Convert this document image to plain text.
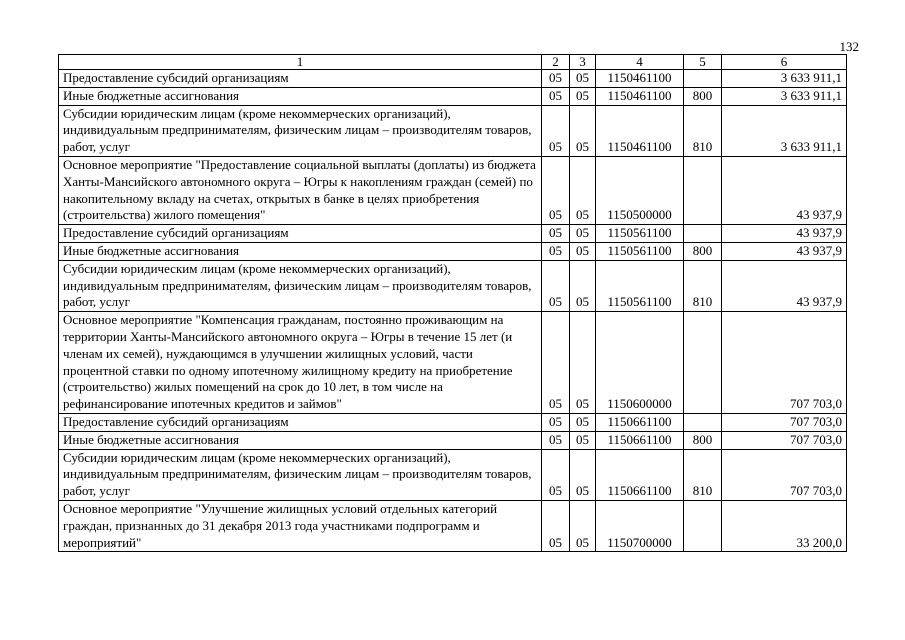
132
1	2	3	4	5	6
Предоставление субсидий организациям	05	05	1150461100		3 633 911,1
Иные бюджетные ассигнования	05	05	1150461100	800	3 633 911,1
Субсидии юридическим лицам (кроме некоммерческих организаций), индивидуальным предпринимателям, физическим лицам – производителям товаров, работ, услуг	05	05	1150461100	810	3 633 911,1
Основное мероприятие "Предоставление социальной выплаты (доплаты) из бюджета Ханты-Мансийского автономного округа – Югры к накоплениям граждан (семей) по накопительному вкладу на счетах, открытых в банке в целях приобретения (строительства) жилого помещения"	05	05	1150500000		43 937,9
Предоставление субсидий организациям	05	05	1150561100		43 937,9
Иные бюджетные ассигнования	05	05	1150561100	800	43 937,9
Субсидии юридическим лицам (кроме некоммерческих организаций), индивидуальным предпринимателям, физическим лицам – производителям товаров, работ, услуг	05	05	1150561100	810	43 937,9
Основное мероприятие "Компенсация гражданам, постоянно проживающим на территории Ханты-Мансийского автономного округа – Югры в течение 15 лет (и членам их семей), нуждающимся в улучшении жилищных условий, части процентной ставки по одному ипотечному жилищному кредиту на приобретение (строительство) жилых помещений на срок до 10 лет, в том числе на рефинансирование ипотечных кредитов и займов"	05	05	1150600000		707 703,0
Предоставление субсидий организациям	05	05	1150661100		707 703,0
Иные бюджетные ассигнования	05	05	1150661100	800	707 703,0
Субсидии юридическим лицам (кроме некоммерческих организаций), индивидуальным предпринимателям, физическим лицам – производителям товаров, работ, услуг	05	05	1150661100	810	707 703,0
Основное мероприятие "Улучшение жилищных условий отдельных категорий граждан, признанных до 31 декабря 2013 года участниками подпрограмм и мероприятий"	05	05	1150700000		33 200,0
